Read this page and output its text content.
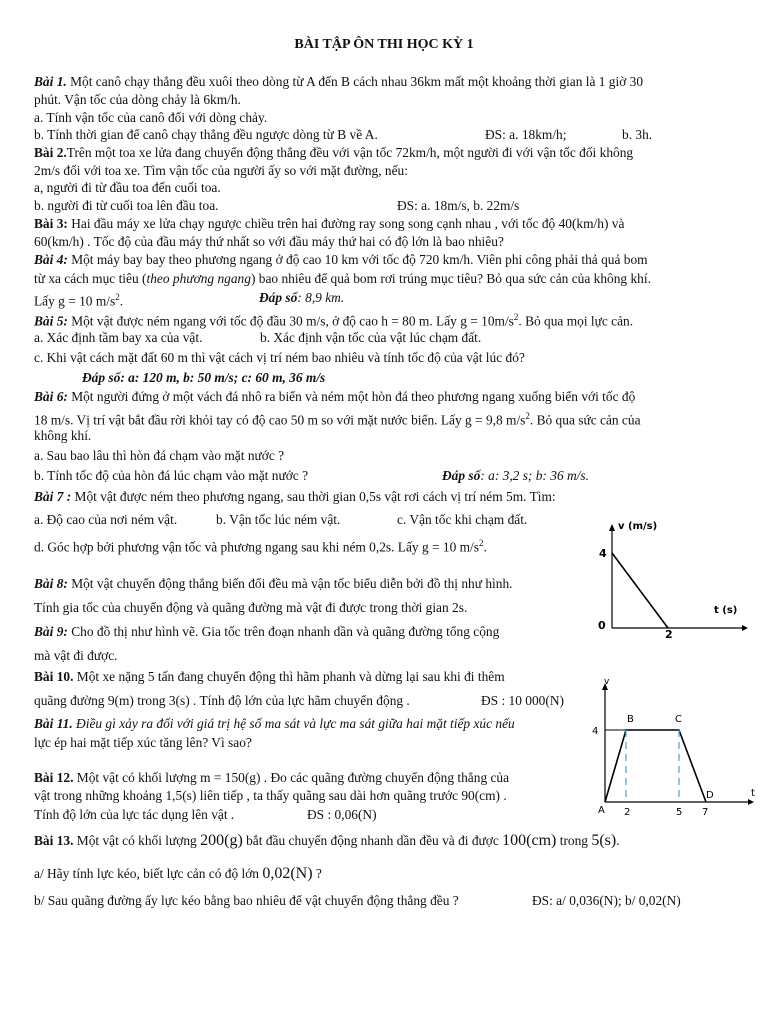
BÀI TẬP ÔN THI HỌC KỲ 1
Bài 1. Một canô chạy thẳng đều xuôi theo dòng từ A đến B cách nhau 36km mất một khoảng thời gian là 1 giờ 30
phút. Vận tốc của dòng chảy là 6km/h.
a. Tính vận tốc của canô đối với dòng chảy.
b. Tính thời gian để canô chạy thẳng đều ngược dòng từ B về A.	ĐS: a. 18km/h;	b. 3h.
Bài 2.Trên một toa xe lửa đang chuyển động thẳng đều với vận tốc 72km/h, một người đi với vận tốc đối không
2m/s đối với toa xe. Tìm vận tốc của người ấy so với mặt đường, nếu:
a, người đi từ đầu toa đến cuối toa.
b. người đi từ cuối toa lên đầu toa.	ĐS: a. 18m/s, b. 22m/s
Bài 3: Hai đầu máy xe lửa chạy ngược chiều trên hai đường ray song song cạnh nhau , với tốc độ 40(km/h) và
60(km/h) . Tốc độ của đầu máy thứ nhất so với đầu máy thứ hai có độ lớn là bao nhiêu?
Bài 4: Một máy bay bay theo phương ngang ở độ cao 10 km với tốc độ 720 km/h. Viên phi công phải thả quả bom
từ xa cách mục tiêu (theo phương ngang) bao nhiêu để quả bom rơi trúng mục tiêu? Bỏ qua sức cản của không khí.
Lấy g = 10 $m/s^2$.	Đáp số: 8,9 km.
Bài 5: Một vật được ném ngang với tốc độ đầu 30 m/s, ở độ cao h = 80 m. Lấy $g = 10m/s^2$. Bỏ qua mọi lực cản.
a. Xác định tầm bay xa của vật.	b. Xác định vận tốc của vật lúc chạm đất.
c. Khi vật cách mặt đất 60 m thì vật cách vị trí ném bao nhiêu và tính tốc độ của vật lúc đó?
Đáp số: a: 120 m, b: 50 m/s; c: 60 m, 36 m/s
Bài 6: Một người đứng ở một vách đá nhô ra biển và ném một hòn đá theo phương ngang xuống biển với tốc độ
18 m/s. Vị trí vật bắt đầu rời khỏi tay có độ cao 50 m so với mặt nước biển. Lấy g = 9,8 $m/s^2$. Bỏ qua sức cản của
không khí.
a. Sau bao lâu thì hòn đá chạm vào mặt nước ?
b. Tính tốc độ của hòn đá lúc chạm vào mặt nước ?	Đáp số: a: 3,2 s; b: 36 m/s.
Bài 7 : Một vật được ném theo phương ngang, sau thời gian 0,5s vật rơi cách vị trí ném 5m. Tìm:
a. Độ cao của nơi ném vật.	b. Vận tốc lúc ném vật.	c. Vận tốc khi chạm đất.
d. Góc hợp bởi phương vận tốc và phương ngang sau khi ném 0,2s. Lấy g = 10 $m/s^2$.
Bài 8: Một vật chuyển động thẳng biến đổi đều mà vận tốc biểu diễn bởi đồ thị như hình.
Tính gia tốc của chuyển động và quãng đường mà vật đi được trong thời gian 2s.
Bài 9: Cho đồ thị như hình vẽ. Gia tốc trên đoạn nhanh dần và quãng đường tổng cộng
mà vật đi được.
Bài 10. Một xe nặng 5 tấn đang chuyển động thì hãm phanh và dừng lại sau khi đi thêm
quãng đường 9(m) trong 3(s) . Tính độ lớn của lực hãm chuyển động .	ĐS : 10 000(N)
Bài 11. Điều gì xảy ra đối với giá trị hệ số ma sát và lực ma sát giữa hai mặt tiếp xúc nếu
lực ép hai mặt tiếp xúc tăng lên? Vì sao?
Bài 12. Một vật có khối lượng m = 150(g) . Đo các quãng đường chuyển động thẳng của
vật trong những khoảng 1,5(s) liên tiếp , ta thấy quãng sau dài hơn quãng trước 90(cm) .
Tính độ lớn của lực tác dụng lên vật .	ĐS : 0,06(N)
Bài 13. Một vật có khối lượng 200(g) bắt đầu chuyển động nhanh dần đều và đi được 100(cm) trong 5(s).
a/ Hãy tính lực kéo, biết lực cản có độ lớn 0,02(N) ?
b/ Sau quãng đường ấy lực kéo bằng bao nhiêu để vật chuyển động thẳng đều ?	ĐS: a/ 0,036(N); b/ 0,02(N)
v (m/s)
t (s)
4
0
2
v
t
4
A
B	C
D
2	5 7
